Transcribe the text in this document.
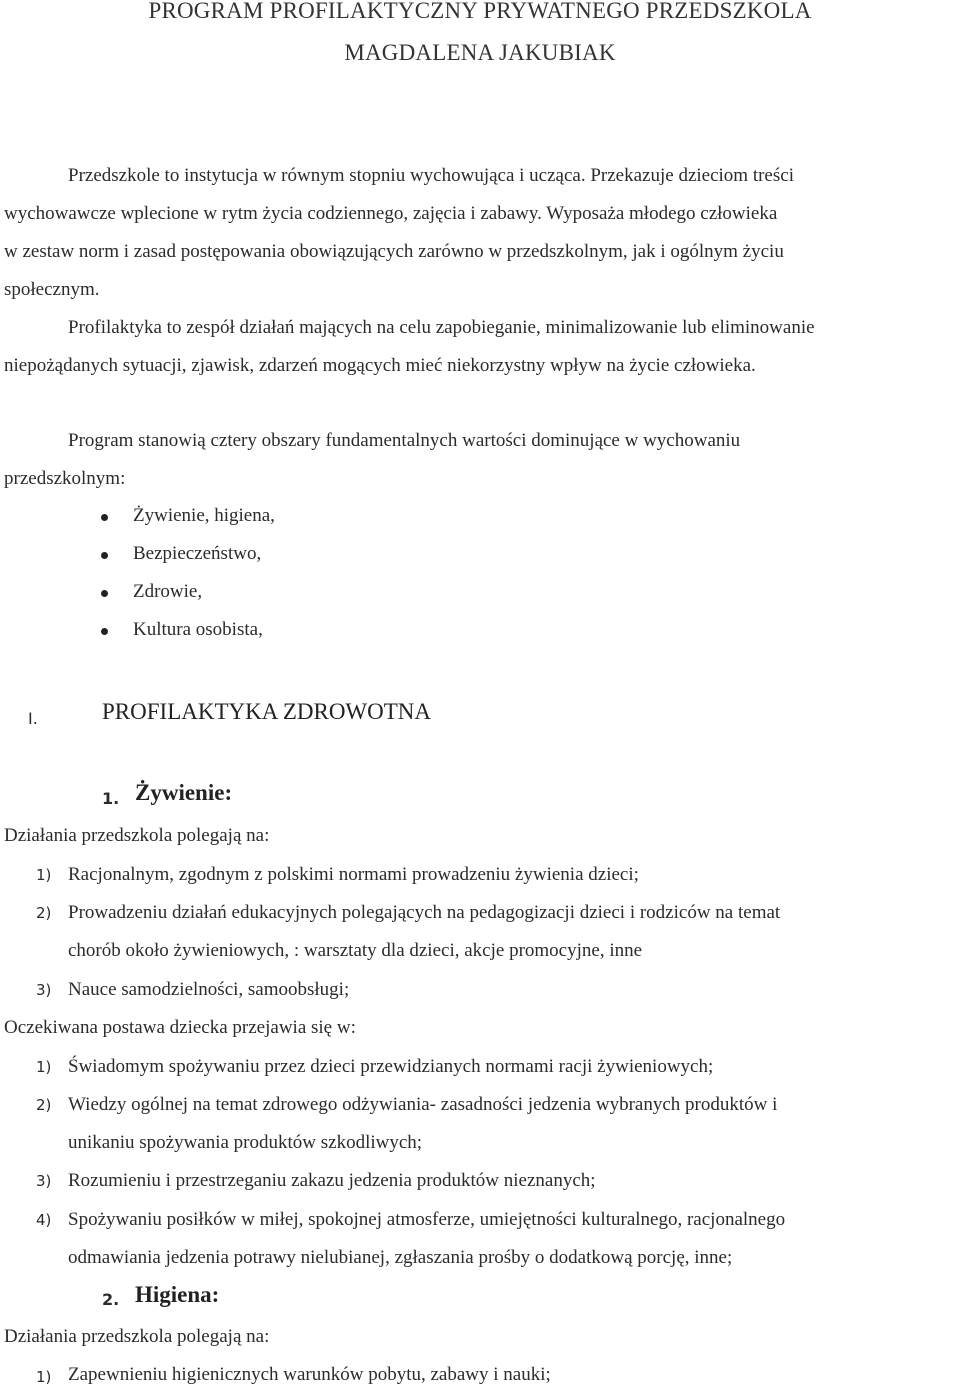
PROGRAM PROFILAKTYCZNY PRYWATNEGO PRZEDSZKOLA
MAGDALENA JAKUBIAK
Przedszkole to instytucja w równym stopniu wychowująca i ucząca. Przekazuje dzieciom treści
wychowawcze wplecione w rytm życia codziennego, zajęcia i zabawy. Wyposaża młodego człowieka
w zestaw norm i zasad postępowania obowiązujących zarówno w przedszkolnym, jak i ogólnym życiu
społecznym.
Profilaktyka to zespół działań mających na celu zapobieganie, minimalizowanie lub eliminowanie
niepożądanych sytuacji, zjawisk, zdarzeń mogących mieć niekorzystny wpływ na życie człowieka.
Program stanowią cztery obszary fundamentalnych wartości dominujące w wychowaniu
przedszkolnym:
Żywienie, higiena,
Bezpieczeństwo,
Zdrowie,
Kultura osobista,
I.	PROFILAKTYKA ZDROWOTNA
1. Żywienie:
Działania przedszkola polegają na:
1) Racjonalnym, zgodnym z polskimi normami prowadzeniu żywienia dzieci;
2) Prowadzeniu działań edukacyjnych polegających na pedagogizacji dzieci i rodziców na temat
chorób około żywieniowych, : warsztaty dla dzieci, akcje promocyjne, inne
3) Nauce samodzielności, samoobsługi;
Oczekiwana postawa dziecka przejawia się w:
1) Świadomym spożywaniu przez dzieci przewidzianych normami racji żywieniowych;
2) Wiedzy ogólnej na temat zdrowego odżywiania- zasadności jedzenia wybranych produktów i
unikaniu spożywania produktów szkodliwych;
3) Rozumieniu i przestrzeganiu zakazu jedzenia produktów nieznanych;
4) Spożywaniu posiłków w miłej, spokojnej atmosferze, umiejętności kulturalnego, racjonalnego
odmawiania jedzenia potrawy nielubianej, zgłaszania prośby o dodatkową porcję, inne;
2. Higiena:
Działania przedszkola polegają na:
1) Zapewnieniu higienicznych warunków pobytu, zabawy i nauki;
